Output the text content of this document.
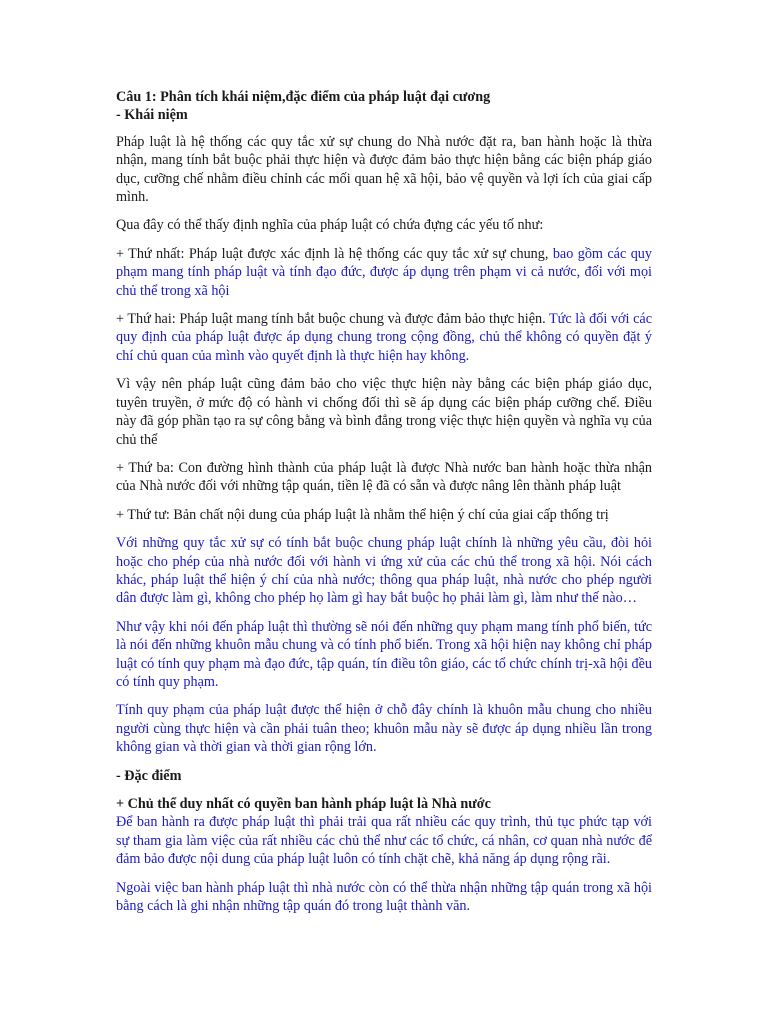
Câu 1: Phân tích khái niệm,đặc điểm của pháp luật đại cương
- Khái niệm

Pháp luật là hệ thống các quy tắc xử sự chung do Nhà nước đặt ra, ban hành hoặc là thừa nhận, mang tính bắt buộc phải thực hiện và được đảm bảo thực hiện bằng các biện pháp giáo dục, cưỡng chế nhằm điều chỉnh các mối quan hệ xã hội, bảo vệ quyền và lợi ích của giai cấp mình.

Qua đây có thể thấy định nghĩa của pháp luật có chứa đựng các yếu tố như:

+ Thứ nhất: Pháp luật được xác định là hệ thống các quy tắc xử sự chung, bao gồm các quy phạm mang tính pháp luật và tính đạo đức, được áp dụng trên phạm vi cả nước, đối với mọi chủ thể trong xã hội

+ Thứ hai: Pháp luật mang tính bắt buộc chung và được đảm bảo thực hiện. Tức là đối với các quy định của pháp luật được áp dụng chung trong cộng đồng, chủ thể không có quyền đặt ý chí chủ quan của mình vào quyết định là thực hiện hay không.

Vì vậy nên pháp luật cũng đảm bảo cho việc thực hiện này bằng các biện pháp giáo dục, tuyên truyền, ở mức độ có hành vi chống đối thì sẽ áp dụng các biện pháp cưỡng chế. Điều này đã góp phần tạo ra sự công bằng và bình đẳng trong việc thực hiện quyền và nghĩa vụ của chủ thể

+ Thứ ba: Con đường hình thành của pháp luật là được Nhà nước ban hành hoặc thừa nhận của Nhà nước đối với những tập quán, tiền lệ đã có sẵn và được nâng lên thành pháp luật

+ Thứ tư: Bản chất nội dung của pháp luật là nhằm thể hiện ý chí của giai cấp thống trị

Với những quy tắc xử sự có tính bắt buộc chung pháp luật chính là những yêu cầu, đòi hỏi hoặc cho phép của nhà nước đối với hành vi ứng xử của các chủ thể trong xã hội. Nói cách khác, pháp luật thể hiện ý chí của nhà nước; thông qua pháp luật, nhà nước cho phép người dân được làm gì, không cho phép họ làm gì hay bắt buộc họ phải làm gì, làm như thế nào…

Như vậy khi nói đến pháp luật thì thường sẽ nói đến những quy phạm mang tính phổ biến, tức là nói đến những khuôn mẫu chung và có tính phổ biến. Trong xã hội hiện nay không chỉ pháp luật có tính quy phạm mà đạo đức, tập quán, tín điều tôn giáo, các tổ chức chính trị-xã hội đều có tính quy phạm.

Tính quy phạm của pháp luật được thể hiện ở chỗ đây chính là khuôn mẫu chung cho nhiều người cùng thực hiện và cần phải tuân theo; khuôn mẫu này sẽ được áp dụng nhiều lần trong không gian và thời gian và thời gian rộng lớn.

- Đặc điểm
+ Chủ thể duy nhất có quyền ban hành pháp luật là Nhà nước

Để ban hành ra được pháp luật thì phải trải qua rất nhiều các quy trình, thủ tục phức tạp với sự tham gia làm việc của rất nhiều các chủ thể như các tổ chức, cá nhân, cơ quan nhà nước để đảm bảo được nội dung của pháp luật luôn có tính chặt chẽ, khả năng áp dụng rộng rãi.

Ngoài việc ban hành pháp luật thì nhà nước còn có thể thừa nhận những tập quán trong xã hội bằng cách là ghi nhận những tập quán đó trong luật thành văn.
